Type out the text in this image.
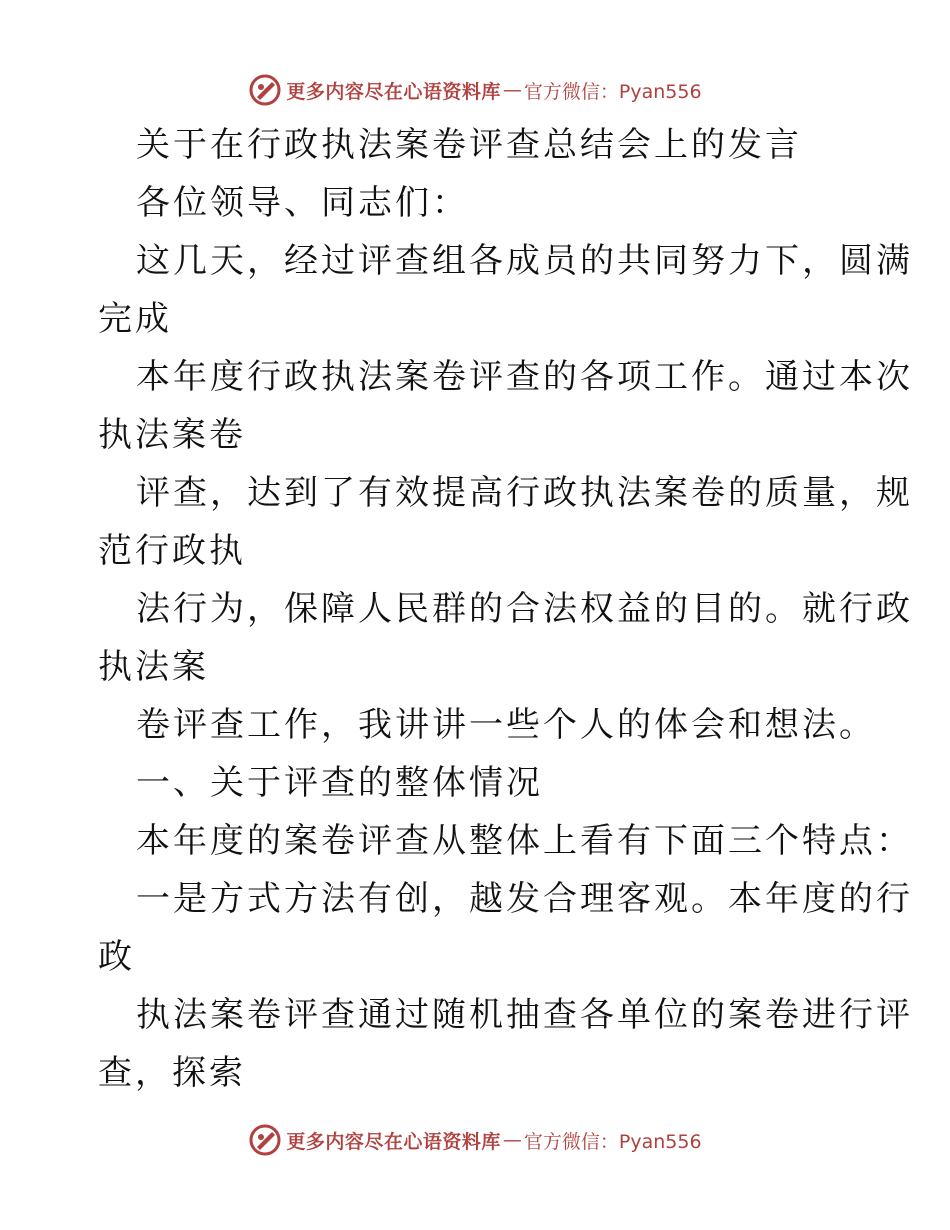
更多内容尽在心语资料库 — 官方微信：Pyan556
关于在行政执法案卷评查总结会上的发言
各位领导、同志们：
这几天，经过评查组各成员的共同努力下，圆满
完成
本年度行政执法案卷评查的各项工作。通过本次
执法案卷
评查，达到了有效提高行政执法案卷的质量，规
范行政执
法行为，保障人民群的合法权益的目的。就行政
执法案
卷评查工作，我讲讲一些个人的体会和想法。
一、关于评查的整体情况
本年度的案卷评查从整体上看有下面三个特点：
一是方式方法有创，越发合理客观。本年度的行
政
执法案卷评查通过随机抽查各单位的案卷进行评
查，探索
更多内容尽在心语资料库 — 官方微信：Pyan556
